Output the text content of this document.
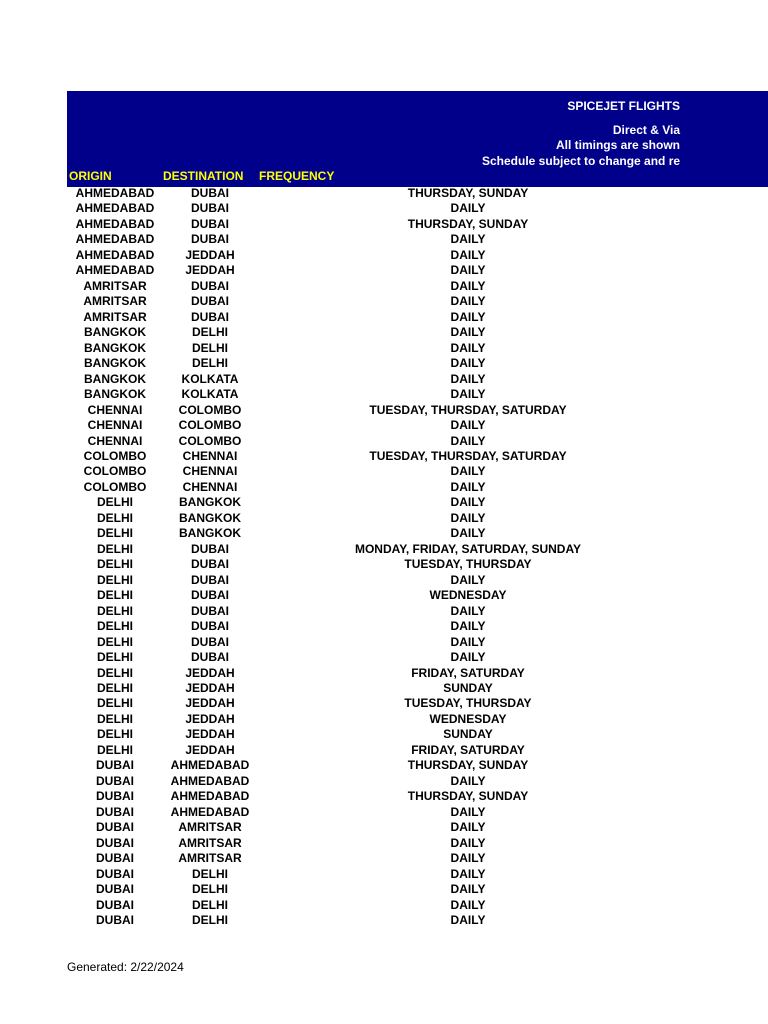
SPICEJET FLIGHTS
Direct & Via
All timings are shown
Schedule subject to change and re
ORIGIN	DESTINATION FREQUENCY
AHMEDABAD	DUBAI	THURSDAY, SUNDAY
AHMEDABAD	DUBAI	DAILY
AHMEDABAD	DUBAI	THURSDAY, SUNDAY
AHMEDABAD	DUBAI	DAILY
AHMEDABAD	JEDDAH	DAILY
AHMEDABAD	JEDDAH	DAILY
AMRITSAR	DUBAI	DAILY
AMRITSAR	DUBAI	DAILY
AMRITSAR	DUBAI	DAILY
BANGKOK	DELHI	DAILY
BANGKOK	DELHI	DAILY
BANGKOK	DELHI	DAILY
BANGKOK	KOLKATA	DAILY
BANGKOK	KOLKATA	DAILY
CHENNAI	COLOMBO	TUESDAY, THURSDAY, SATURDAY
CHENNAI	COLOMBO	DAILY
CHENNAI	COLOMBO	DAILY
COLOMBO	CHENNAI	TUESDAY, THURSDAY, SATURDAY
COLOMBO	CHENNAI	DAILY
COLOMBO	CHENNAI	DAILY
DELHI	BANGKOK	DAILY
DELHI	BANGKOK	DAILY
DELHI	BANGKOK	DAILY
DELHI	DUBAI	MONDAY, FRIDAY, SATURDAY, SUNDAY
DELHI	DUBAI	TUESDAY, THURSDAY
DELHI	DUBAI	DAILY
DELHI	DUBAI	WEDNESDAY
DELHI	DUBAI	DAILY
DELHI	DUBAI	DAILY
DELHI	DUBAI	DAILY
DELHI	DUBAI	DAILY
DELHI	JEDDAH	FRIDAY, SATURDAY
DELHI	JEDDAH	SUNDAY
DELHI	JEDDAH	TUESDAY, THURSDAY
DELHI	JEDDAH	WEDNESDAY
DELHI	JEDDAH	SUNDAY
DELHI	JEDDAH	FRIDAY, SATURDAY
DUBAI	AHMEDABAD	THURSDAY, SUNDAY
DUBAI	AHMEDABAD	DAILY
DUBAI	AHMEDABAD	THURSDAY, SUNDAY
DUBAI	AHMEDABAD	DAILY
DUBAI	AMRITSAR	DAILY
DUBAI	AMRITSAR	DAILY
DUBAI	AMRITSAR	DAILY
DUBAI	DELHI	DAILY
DUBAI	DELHI	DAILY
DUBAI	DELHI	DAILY
DUBAI	DELHI	DAILY
Generated: 2/22/2024
